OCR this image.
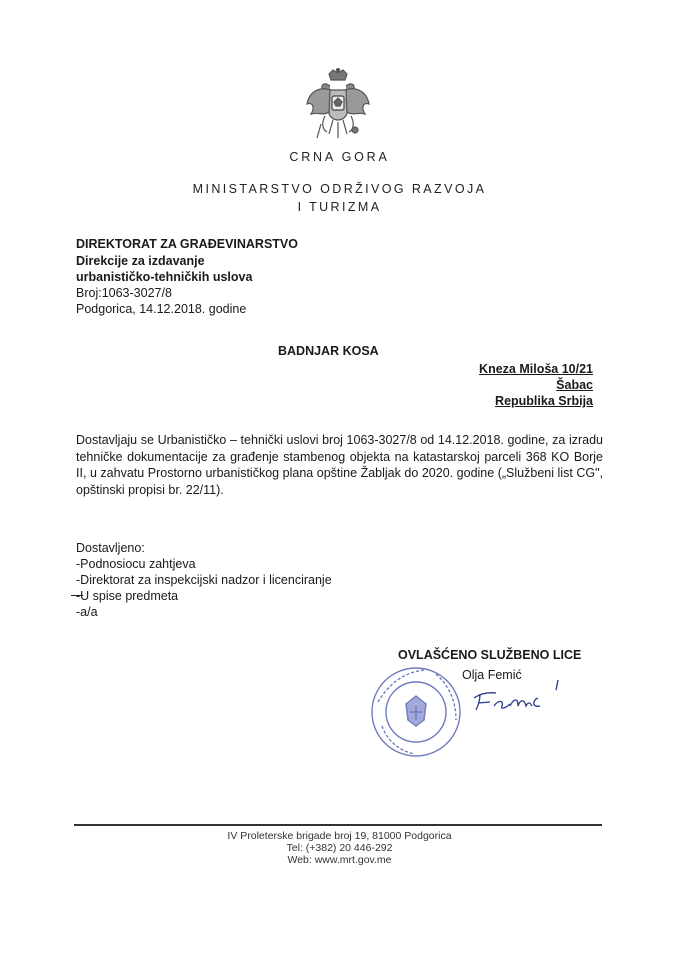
CRNA GORA
MINISTARSTVO ODRŽIVOG RAZVOJA
I TURIZMA
DIREKTORAT ZA GRAĐEVINARSTVO
Direkcije za izdavanje
urbanističko-tehničkih uslova
Broj:1063-3027/8
Podgorica, 14.12.2018. godine
BADNJAR KOSA
Kneza Miloša 10/21
Šabac
Republika Srbija
Dostavljaju se Urbanističko – tehnički uslovi broj 1063-3027/8 od 14.12.2018. godine, za izradu tehničke dokumentacije za građenje stambenog objekta na katastarskoj parceli 368 KO Borje II, u zahvatu Prostorno urbanističkog plana opštine Žabljak do 2020. godine („Službeni list CG", opštinski propisi br. 22/11).
Dostavljeno:
-Podnosiocu zahtjeva
-Direktorat za inspekcijski nadzor i licenciranje
-U spise predmeta
-a/a
OVLAŠĆENO SLUŽBENO LICE
Olja Femić
IV Proleterske brigade broj 19, 81000 Podgorica
Tel: (+382) 20 446-292
Web: www.mrt.gov.me
